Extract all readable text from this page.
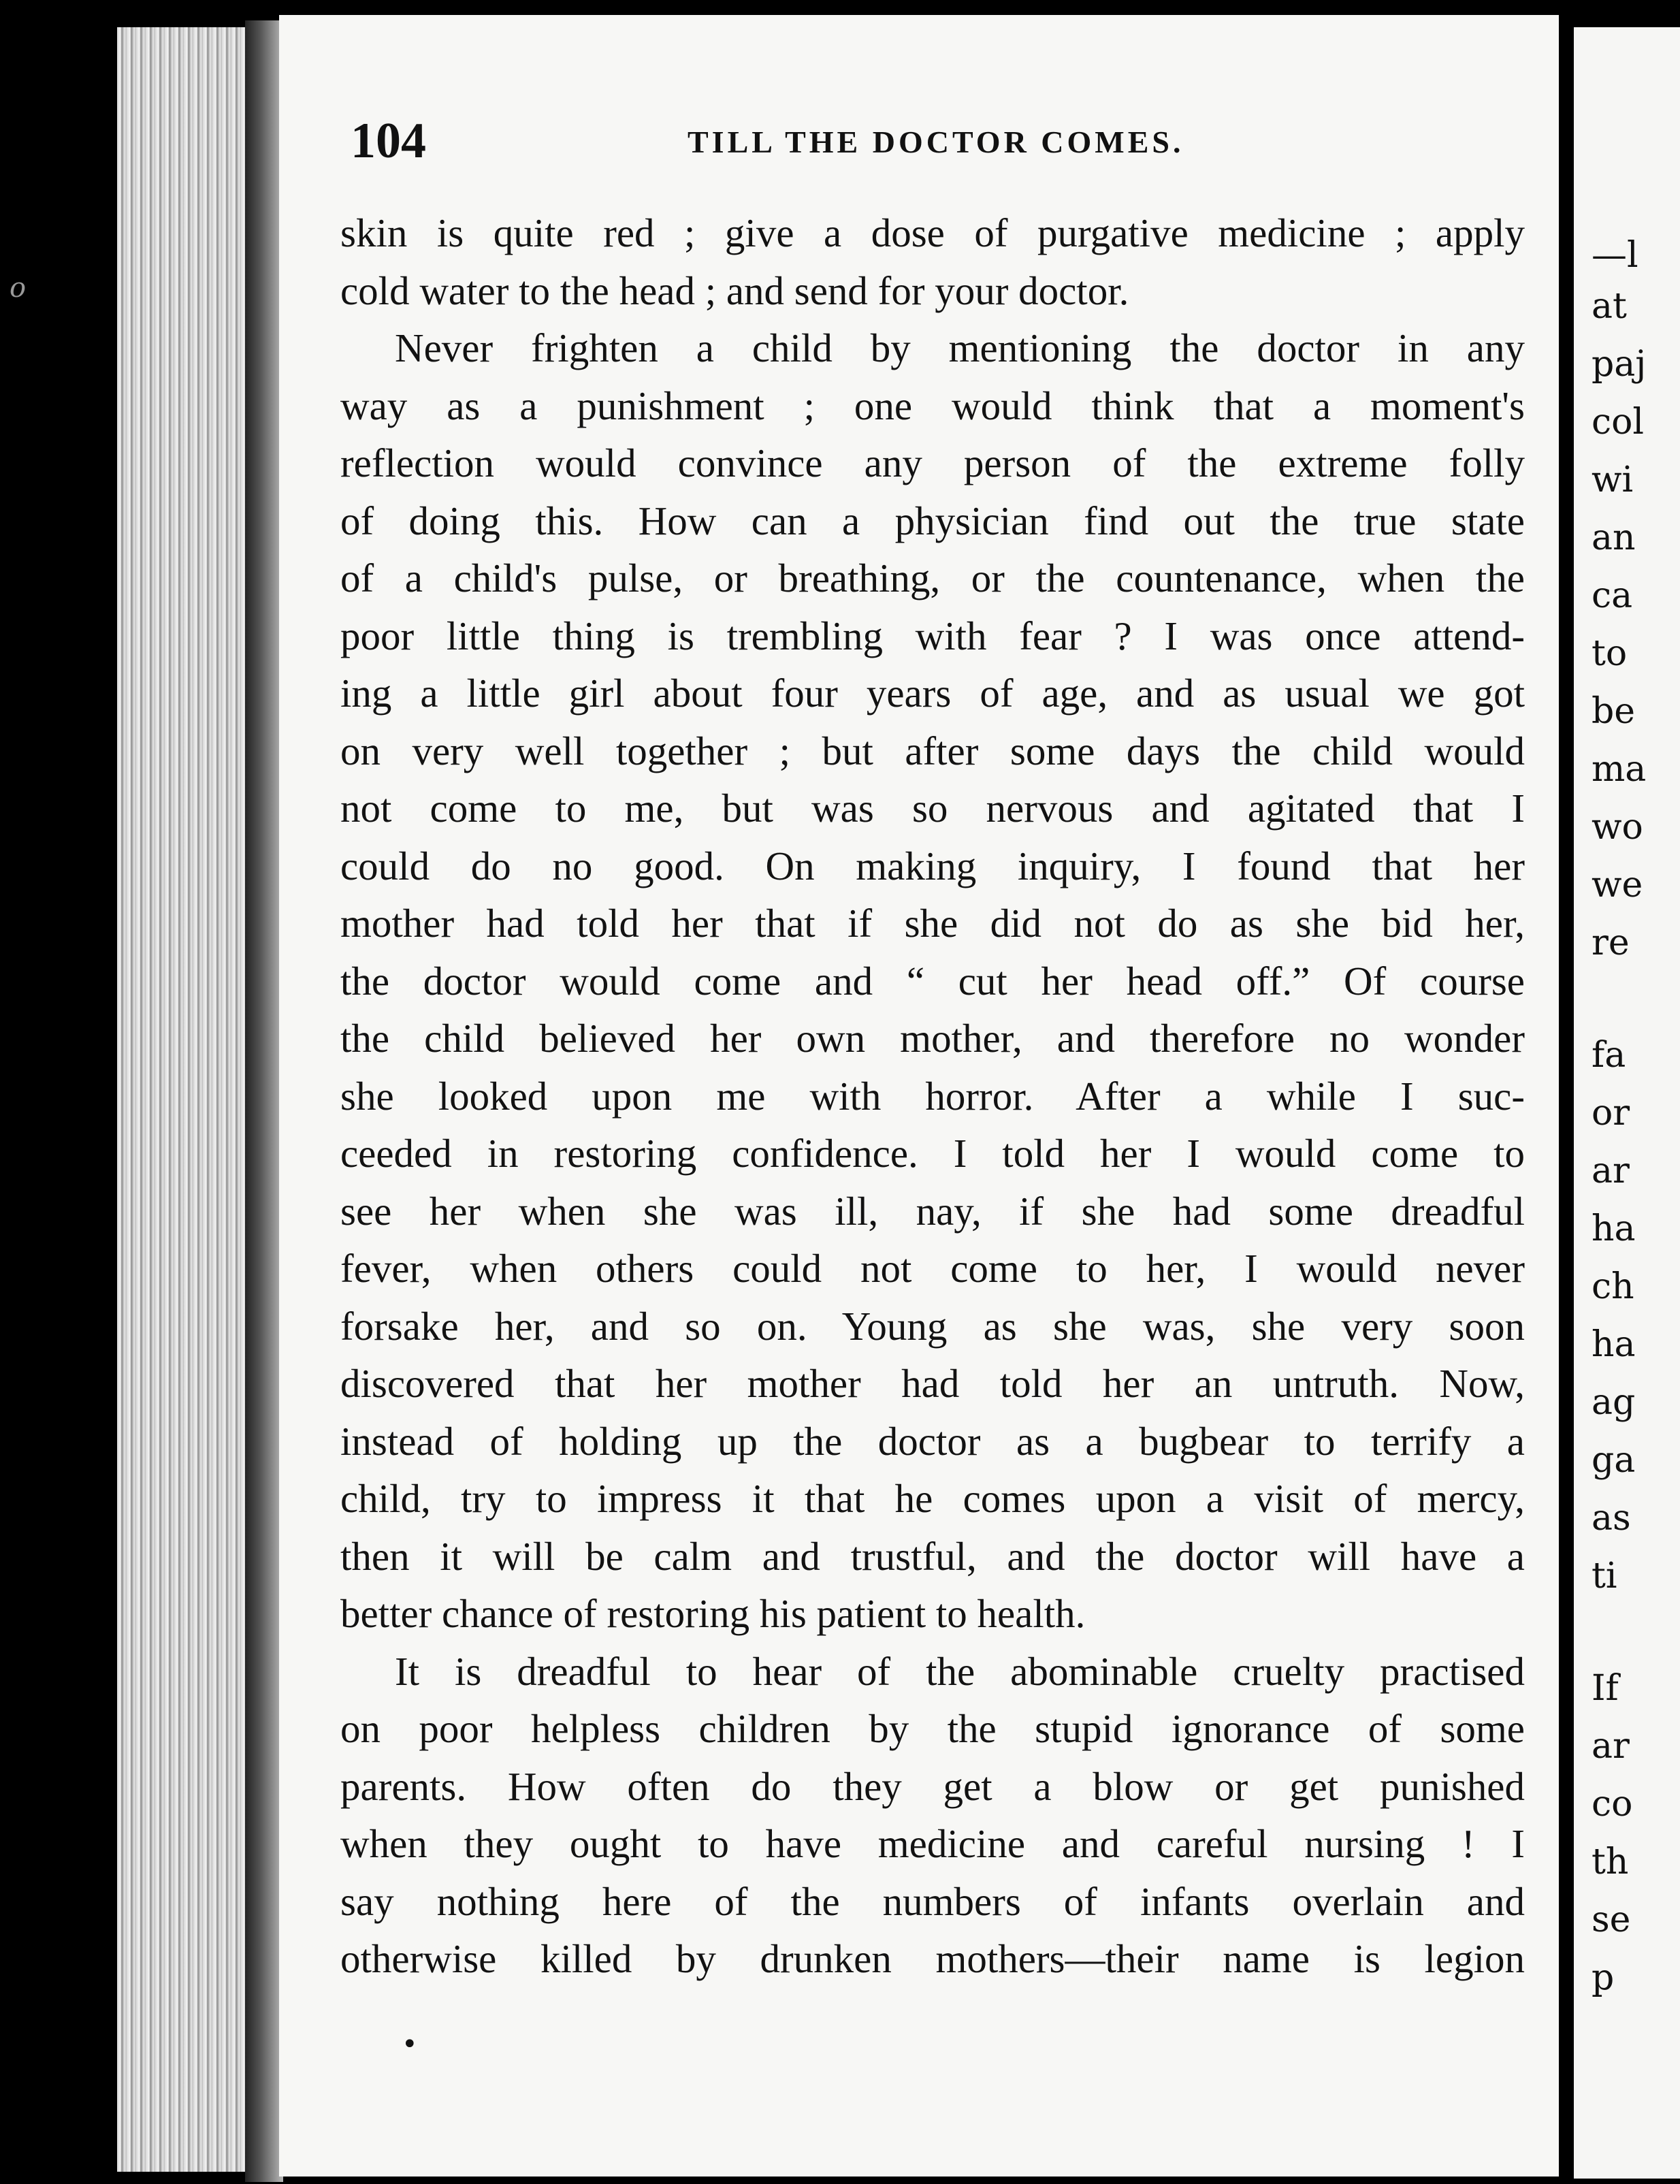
o
104	TILL THE DOCTOR COMES.
skin is quite red ; give a dose of purgative medicine ; apply
cold water to the head ; and send for your doctor.
Never frighten a child by mentioning the doctor in any
way as a punishment ; one would think that a moment's
reflection would convince any person of the extreme folly
of doing this. How can a physician find out the true state
of a child's pulse, or breathing, or the countenance, when the
poor little thing is trembling with fear ? I was once attend-
ing a little girl about four years of age, and as usual we got
on very well together ; but after some days the child would
not come to me, but was so nervous and agitated that I
could do no good. On making inquiry, I found that her
mother had told her that if she did not do as she bid her,
the doctor would come and “ cut her head off.” Of course
the child believed her own mother, and therefore no wonder
she looked upon me with horror. After a while I suc-
ceeded in restoring confidence. I told her I would come to
see her when she was ill, nay, if she had some dreadful
fever, when others could not come to her, I would never
forsake her, and so on. Young as she was, she very soon
discovered that her mother had told her an untruth. Now,
instead of holding up the doctor as a bugbear to terrify a
child, try to impress it that he comes upon a visit of mercy,
then it will be calm and trustful, and the doctor will have a
better chance of restoring his patient to health.
It is dreadful to hear of the abominable cruelty practised
on poor helpless children by the stupid ignorance of some
parents. How often do they get a blow or get punished
when they ought to have medicine and careful nursing ! I
say nothing here of the numbers of infants overlain and
otherwise killed by drunken mothers—their name is legion
•
—l
at
paj
col
wi
an
ca
to
be
ma
wo
we
re
fa
or
ar
ha
ch
ha
ag
ga
as
ti
If
ar
co
th
se
p
